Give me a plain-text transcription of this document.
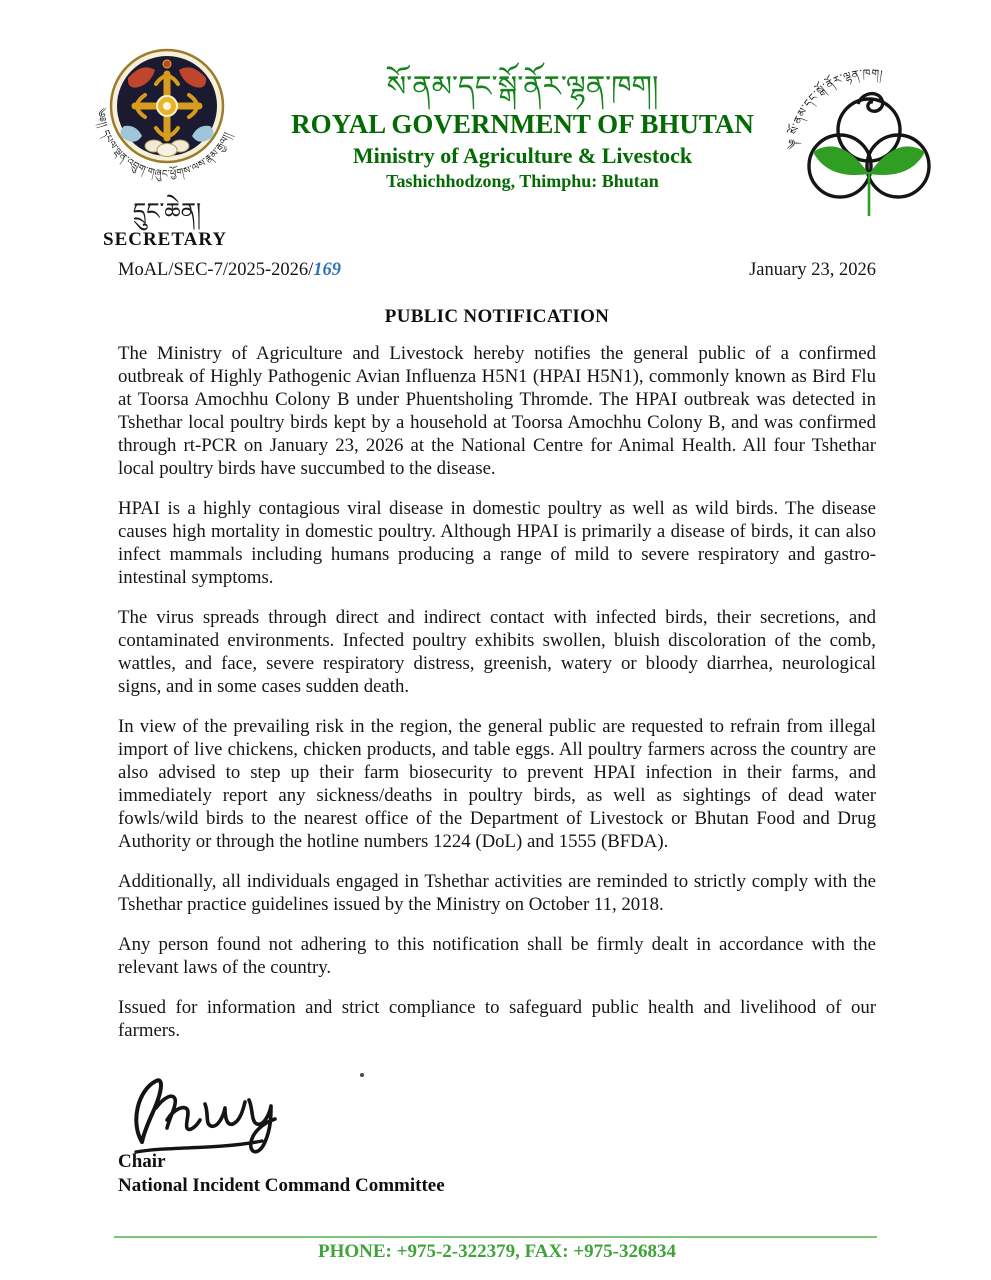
༄༅།། དཔལ་ལྡན་འབྲུག་གཞུང་ཕྱོགས་ལས་རྣམ་རྒྱལ།།
དྲུང་ཆེན།
SECRETARY
སོ་ནམ་དང་སྒོ་ནོར་ལྷན་ཁག།
ROYAL GOVERNMENT OF BHUTAN
Ministry of Agriculture & Livestock
Tashichhodzong, Thimphu: Bhutan
༆ སོ་ནམ་དང་སྒོ་ནོར་ལྷན་ཁག།
MoAL/SEC-7/2025-2026/169	January 23, 2026
PUBLIC NOTIFICATION

The Ministry of Agriculture and Livestock hereby notifies the general public of a confirmed outbreak of Highly Pathogenic Avian Influenza H5N1 (HPAI H5N1), commonly known as Bird Flu at Toorsa Amochhu Colony B under Phuentsholing Thromde. The HPAI outbreak was detected in Tshethar local poultry birds kept by a household at Toorsa Amochhu Colony B, and was confirmed through rt-PCR on January 23, 2026 at the National Centre for Animal Health. All four Tshethar local poultry birds have succumbed to the disease.

HPAI is a highly contagious viral disease in domestic poultry as well as wild birds. The disease causes high mortality in domestic poultry. Although HPAI is primarily a disease of birds, it can also infect mammals including humans producing a range of mild to severe respiratory and gastro-intestinal symptoms.

The virus spreads through direct and indirect contact with infected birds, their secretions, and contaminated environments. Infected poultry exhibits swollen, bluish discoloration of the comb, wattles, and face, severe respiratory distress, greenish, watery or bloody diarrhea, neurological signs, and in some cases sudden death.

In view of the prevailing risk in the region, the general public are requested to refrain from illegal import of live chickens, chicken products, and table eggs. All poultry farmers across the country are also advised to step up their farm biosecurity to prevent HPAI infection in their farms, and immediately report any sickness/deaths in poultry birds, as well as sightings of dead water fowls/wild birds to the nearest office of the Department of Livestock or Bhutan Food and Drug Authority or through the hotline numbers 1224 (DoL) and 1555 (BFDA).

Additionally, all individuals engaged in Tshethar activities are reminded to strictly comply with the Tshethar practice guidelines issued by the Ministry on October 11, 2018.

Any person found not adhering to this notification shall be firmly dealt in accordance with the relevant laws of the country.

Issued for information and strict compliance to safeguard public health and livelihood of our farmers.

Chair
National Incident Command Committee
PHONE: +975-2-322379, FAX: +975-326834
